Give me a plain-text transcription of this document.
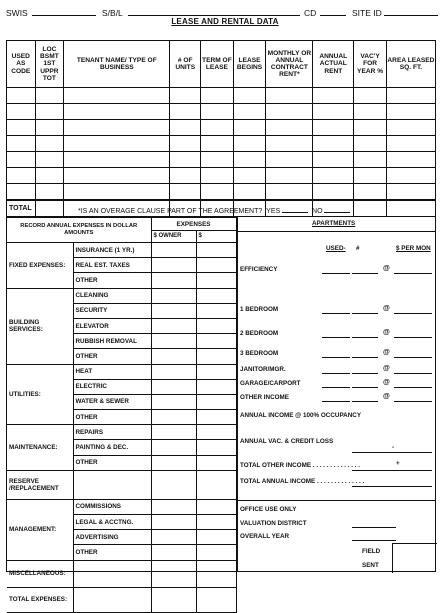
SWIS	S/B/L	CD	SITE ID
LEASE AND RENTAL DATA
USED AS CODE	LOC BSMT 1ST UPPR TOT	TENANT NAME/ TYPE OF BUSINESS	# OF UNITS	TERM OF LEASE	LEASE BEGINS	MONTHLY OR ANNUAL CONTRACT RENT*	ANNUAL ACTUAL RENT	VAC'Y FOR YEAR %	AREA LEASED SQ. FT.

TOTAL										*IS AN OVERAGE CLAUSE PART OF THE AGREEMENT? YES	NO
RECORD ANNUAL EXPENSES IN DOLLAR AMOUNTS		EXPENSES	
		$ OWNER	$
FIXED EXPENSES:	INSURANCE (1 YR.)		
	REAL EST. TAXES		
	OTHER		
BUILDING SERVICES:	CLEANING		
	SECURITY		
	ELEVATOR		
	RUBBISH REMOVAL		
	OTHER		
UTILITIES:	HEAT		
	ELECTRIC		
	WATER & SEWER		
	OTHER		
MAINTENANCE:	REPAIRS		
	PAINTING & DEC.		
	OTHER		
RESERVE /REPLACEMENT			
MANAGEMENT:	COMMISSIONS		
	LEGAL & ACCTNG.		
	ADVERTISING		
	OTHER		
MISCELLANEOUS:			
TOTAL EXPENSES:			
APARTMENTS
USED- #	$ PER MON
EFFICIENCY	@
1 BEDROOM	@
2 BEDROOM	@
3 BEDROOM	@
JANITOR/MGR.	@
GARAGE/CARPORT	@
OTHER INCOME	@
ANNUAL INCOME @ 100% OCCUPANCY
ANNUAL VAC. & CREDIT LOSS
-
TOTAL OTHER INCOME . . . . . . . . . . . . . .	+
TOTAL ANNUAL INCOME . . . . . . . . . . . . . .
OFFICE USE ONLY
VALUATION DISTRICT
OVERALL YEAR
FIELD
SENT
